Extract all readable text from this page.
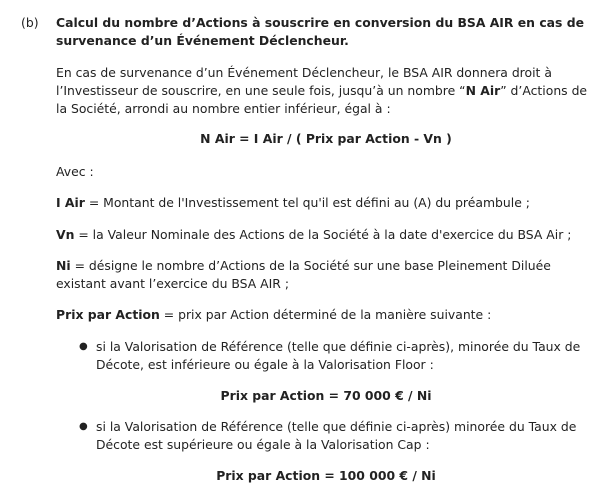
(b) Calcul du nombre d’Actions à souscrire en conversion du BSA AIR en cas de survenance d’un Événement Déclencheur.

En cas de survenance d’un Événement Déclencheur, le BSA AIR donnera droit à l’Investisseur de souscrire, en une seule fois, jusqu’à un nombre “N Air” d’Actions de la Société, arrondi au nombre entier inférieur, égal à :

N Air = I Air / ( Prix par Action - Vn )
Avec :

I Air = Montant de l'Investissement tel qu'il est défini au (A) du préambule ;

Vn = la Valeur Nominale des Actions de la Société à la date d'exercice du BSA Air ;

Ni = désigne le nombre d’Actions de la Société sur une base Pleinement Diluée existant avant l’exercice du BSA AIR ;

Prix par Action = prix par Action déterminé de la manière suivante :

● si la Valorisation de Référence (telle que définie ci-après), minorée du Taux de Décote, est inférieure ou égale à la Valorisation Floor :

Prix par Action = 70 000 € / Ni
● si la Valorisation de Référence (telle que définie ci-après) minorée du Taux de Décote est supérieure ou égale à la Valorisation Cap :

Prix par Action = 100 000 € / Ni
